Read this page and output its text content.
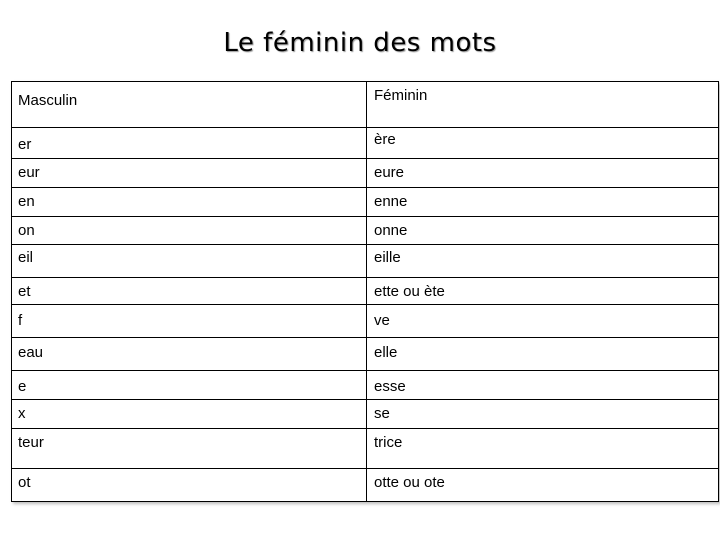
Le féminin des mots
Masculin	Féminin
er	ère
eur	eure
en	enne
on	onne
eil	eille
et	ette ou ète
f	ve
eau	elle
e	esse
x	se
teur	trice
ot	otte ou ote
